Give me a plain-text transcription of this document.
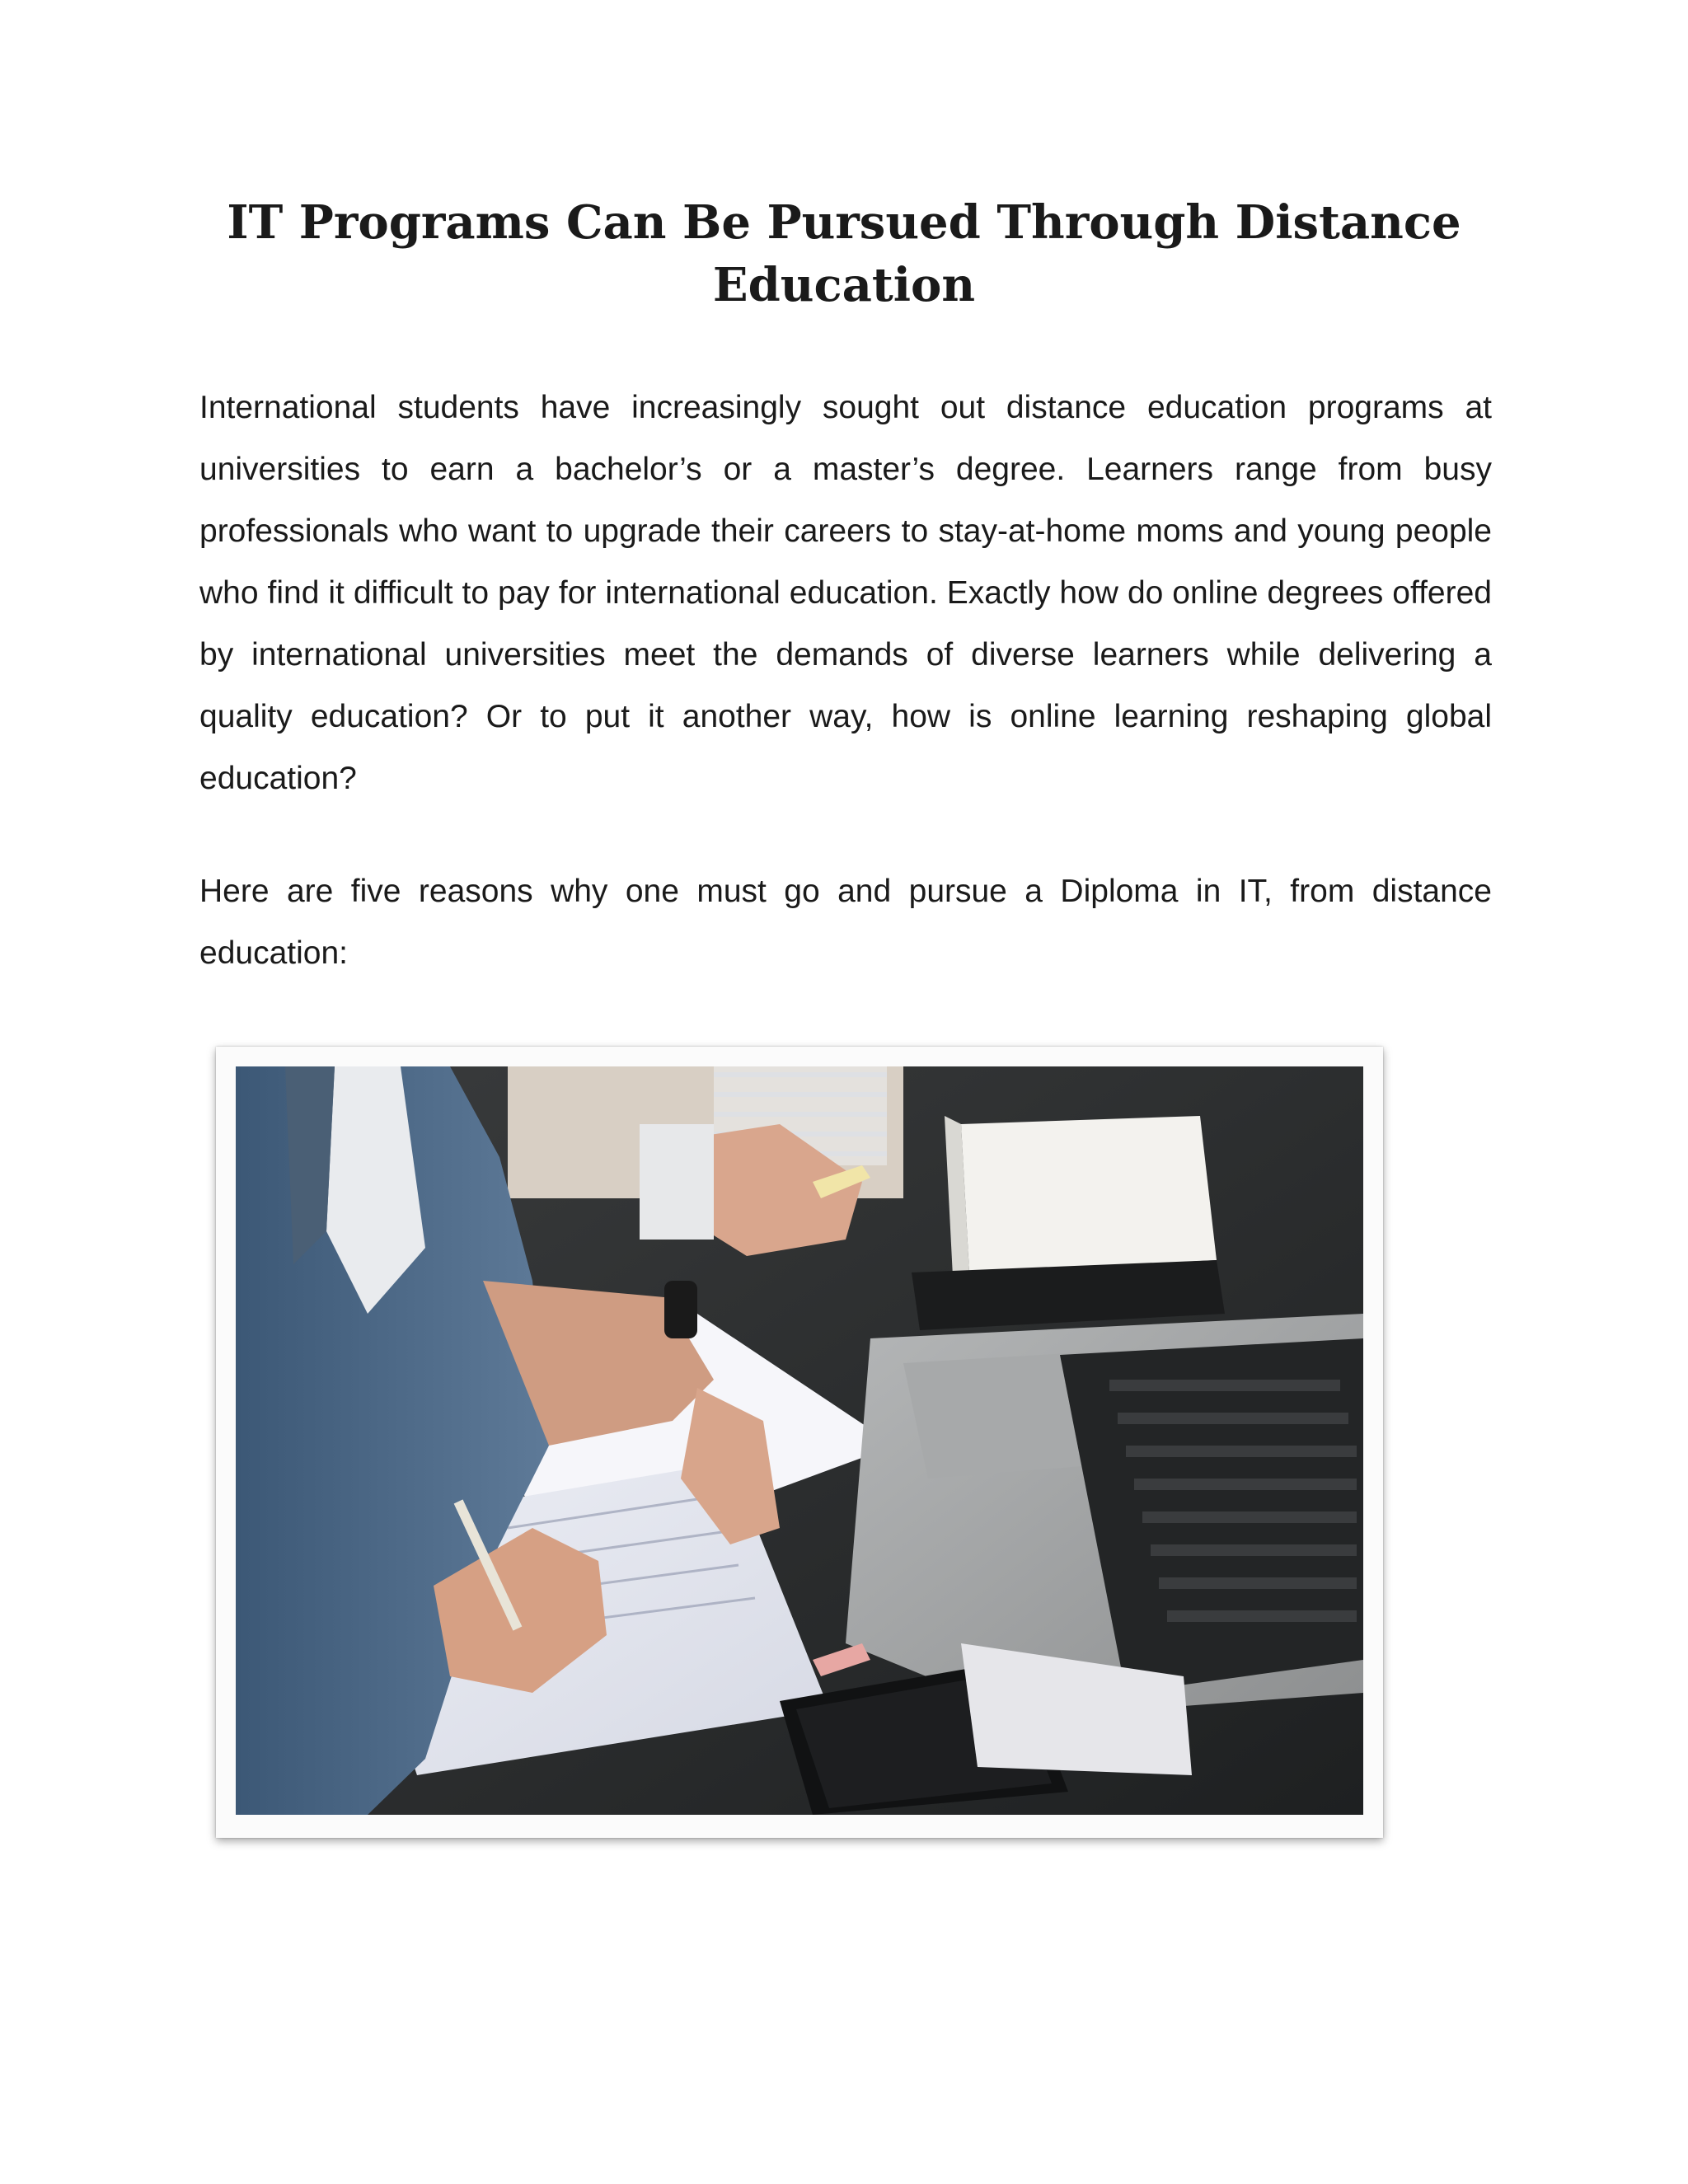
IT Programs Can Be Pursued Through Distance Education

International students have increasingly sought out distance education programs at universities to earn a bachelor’s or a master’s degree. Learners range from busy professionals who want to upgrade their careers to stay-at-home moms and young people who find it difficult to pay for international education. Exactly how do online degrees offered by international universities meet the demands of diverse learners while delivering a quality education? Or to put it another way, how is online learning reshaping global education?

Here are five reasons why one must go and pursue a Diploma in IT, from distance education:
